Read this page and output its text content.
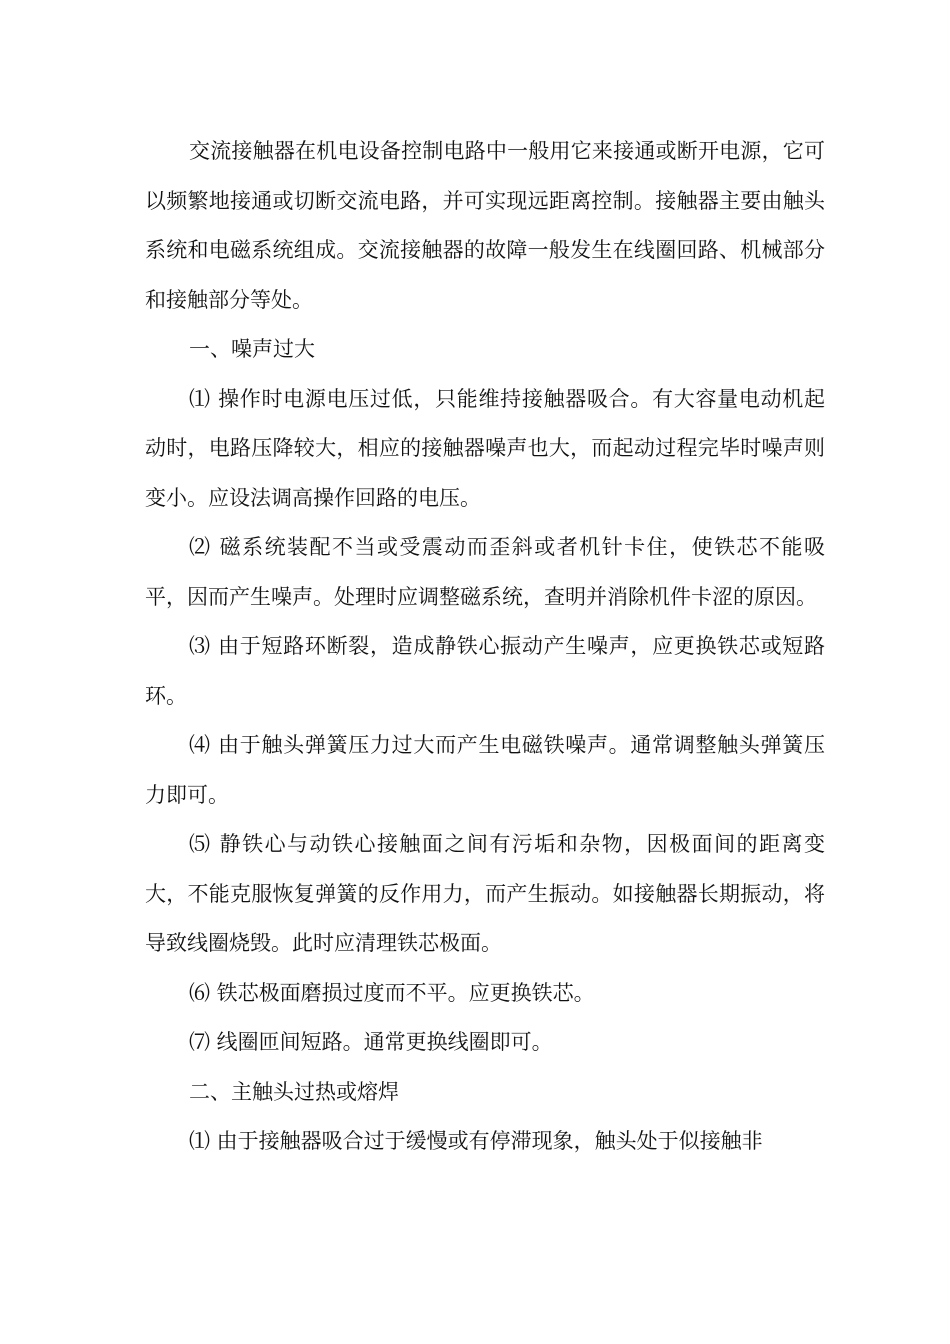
交流接触器在机电设备控制电路中一般用它来接通或断开电源，它可以频繁地接通或切断交流电路，并可实现远距离控制。接触器主要由触头系统和电磁系统组成。交流接触器的故障一般发生在线圈回路、机械部分和接触部分等处。

一、噪声过大

⑴ 操作时电源电压过低，只能维持接触器吸合。有大容量电动机起动时，电路压降较大，相应的接触器噪声也大，而起动过程完毕时噪声则变小。应设法调高操作回路的电压。

⑵ 磁系统装配不当或受震动而歪斜或者机针卡住，使铁芯不能吸平，因而产生噪声。处理时应调整磁系统，查明并消除机件卡涩的原因。

⑶ 由于短路环断裂，造成静铁心振动产生噪声，应更换铁芯或短路环。

⑷ 由于触头弹簧压力过大而产生电磁铁噪声。通常调整触头弹簧压力即可。

⑸ 静铁心与动铁心接触面之间有污垢和杂物，因极面间的距离变大，不能克服恢复弹簧的反作用力，而产生振动。如接触器长期振动，将导致线圈烧毁。此时应清理铁芯极面。

⑹ 铁芯极面磨损过度而不平。应更换铁芯。

⑺ 线圈匝间短路。通常更换线圈即可。

二、主触头过热或熔焊

⑴ 由于接触器吸合过于缓慢或有停滞现象，触头处于似接触非
